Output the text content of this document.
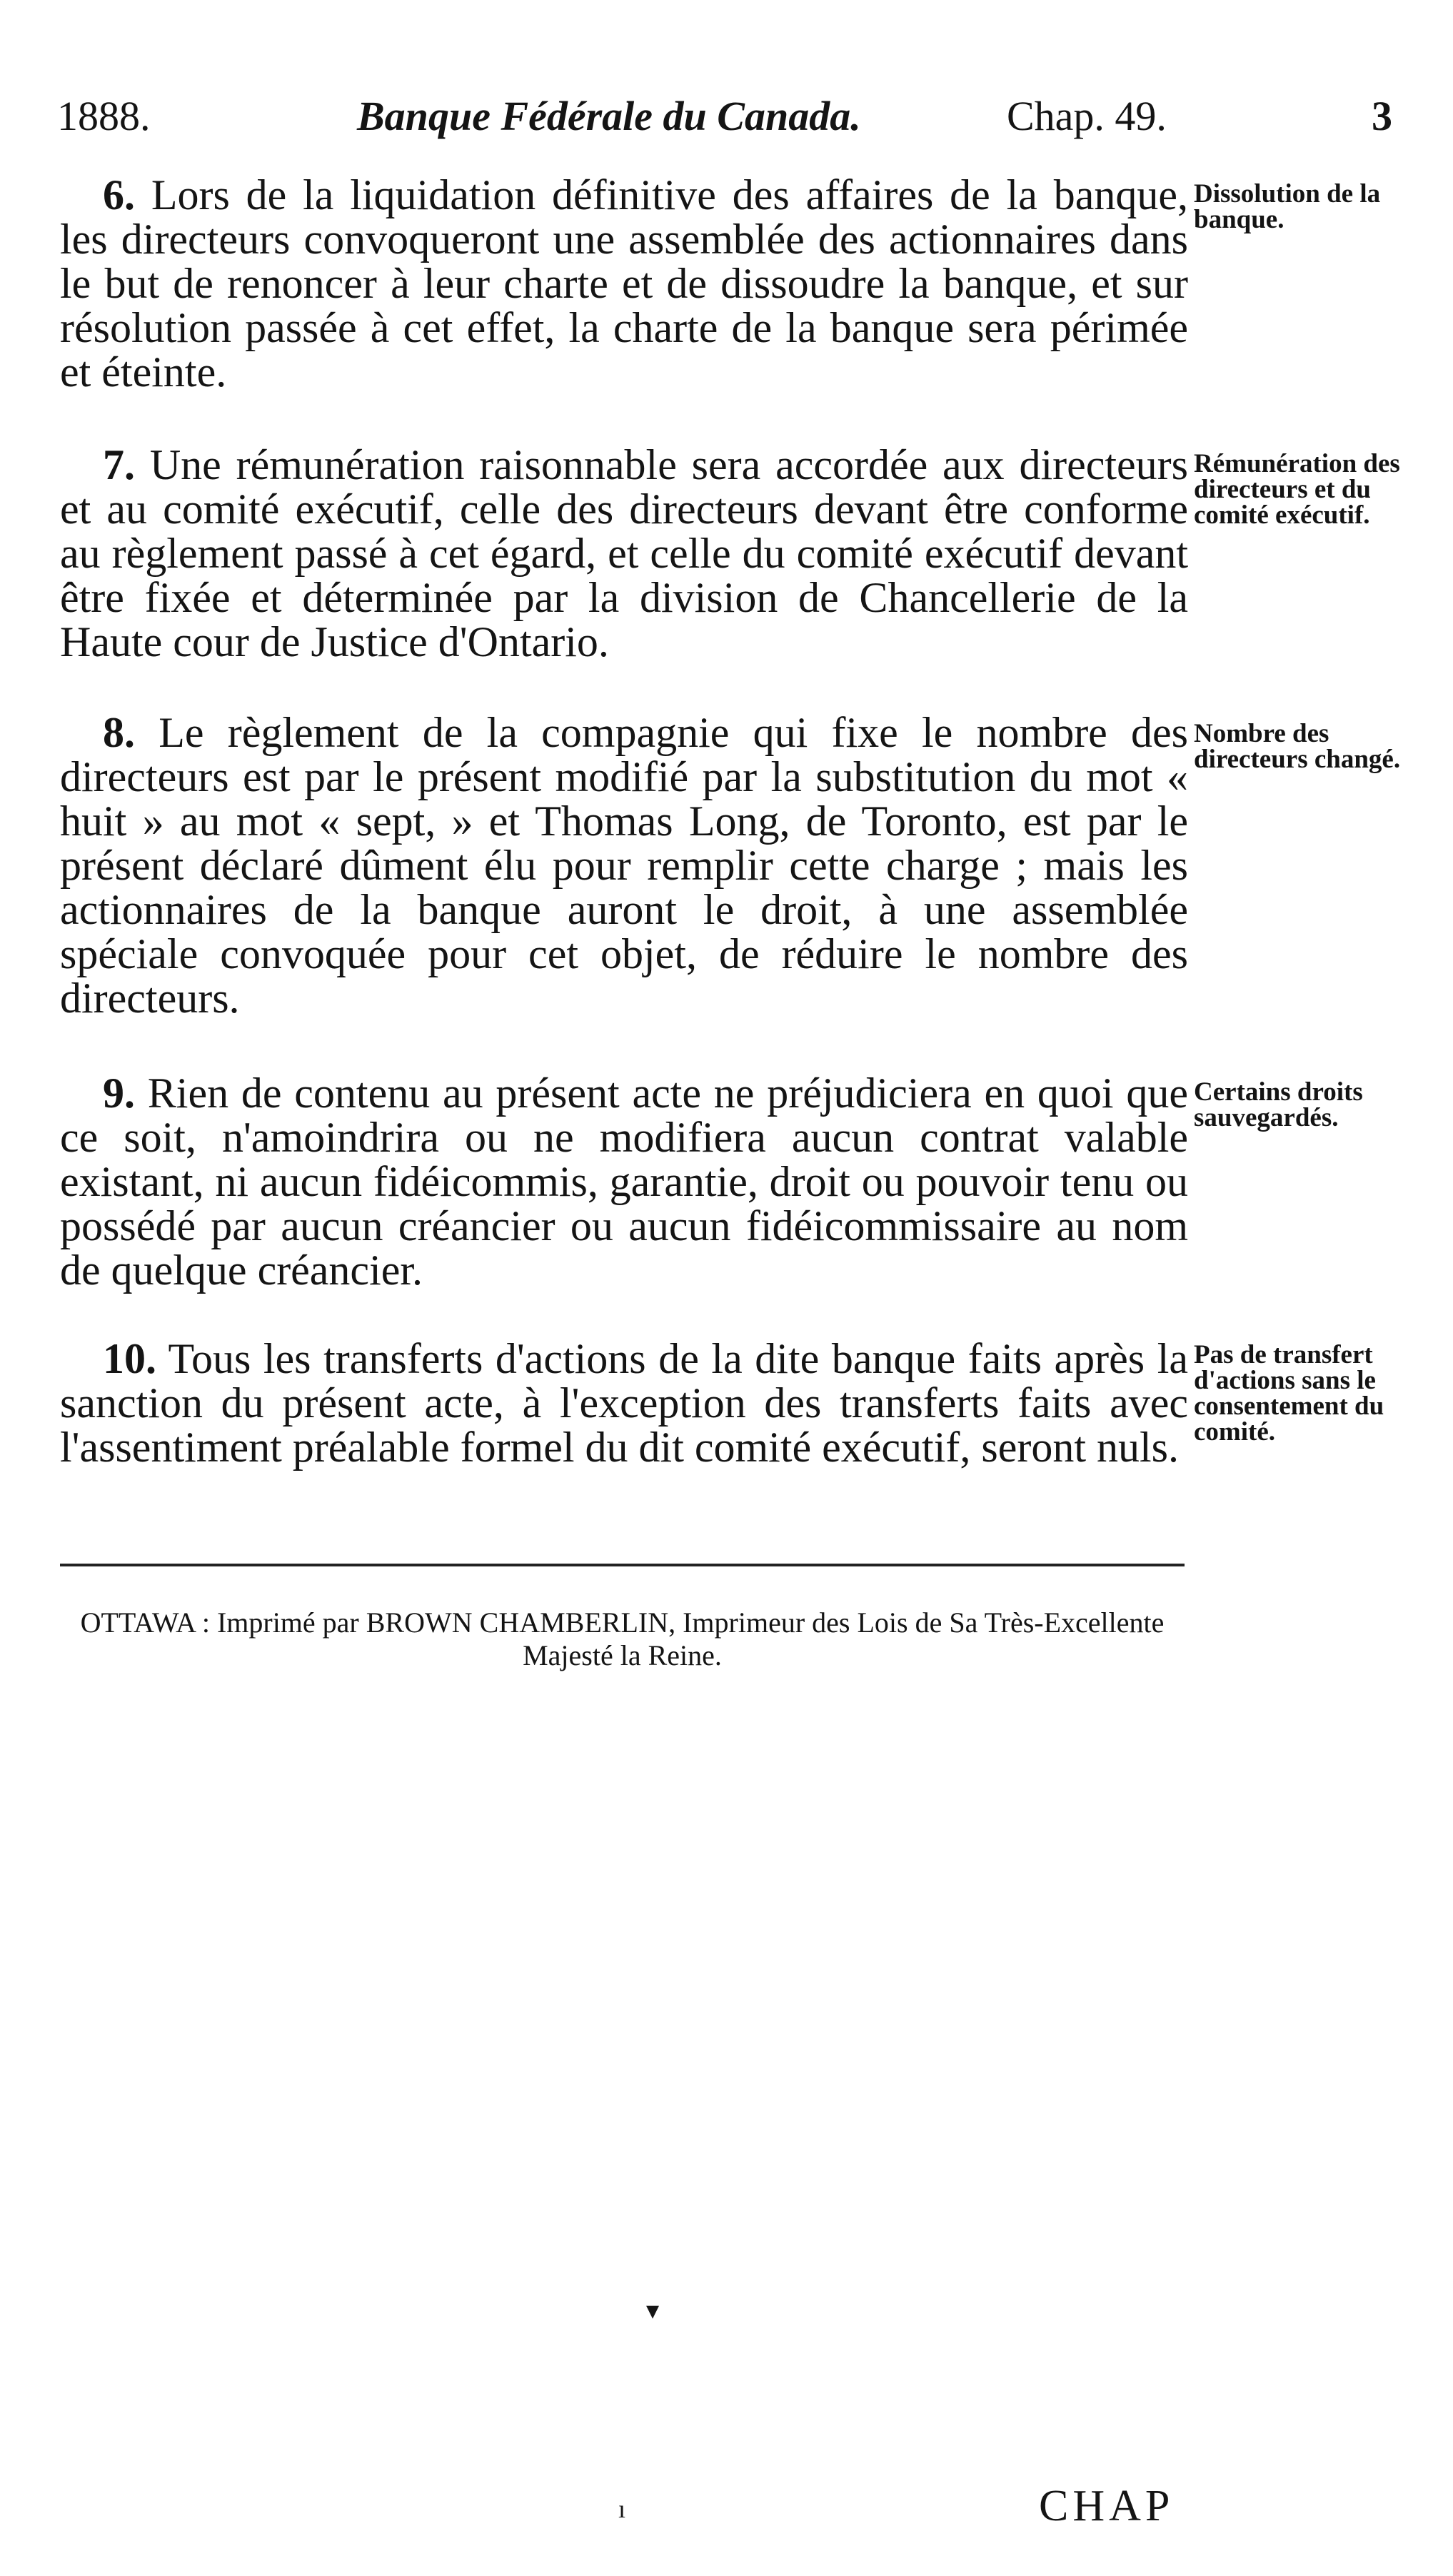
1888.	Banque Fédérale du Canada.	Chap. 49.	3
6. Lors de la liquidation définitive des affaires de la banque, les directeurs convoqueront une assemblée des actionnaires dans le but de renoncer à leur charte et de dissoudre la banque, et sur résolution passée à cet effet, la charte de la banque sera périmée et éteinte.
Dissolution de la banque.
7. Une rémunération raisonnable sera accordée aux directeurs et au comité exécutif, celle des directeurs devant être conforme au règlement passé à cet égard, et celle du comité exécutif devant être fixée et déterminée par la division de Chancellerie de la Haute cour de Justice d'Ontario.
Rémunération des directeurs et du comité exécutif.
8. Le règlement de la compagnie qui fixe le nombre des directeurs est par le présent modifié par la substitution du mot « huit » au mot « sept, » et Thomas Long, de Toronto, est par le présent déclaré dûment élu pour remplir cette charge ; mais les actionnaires de la banque auront le droit, à une assemblée spéciale convoquée pour cet objet, de réduire le nombre des directeurs.
Nombre des directeurs changé.
9. Rien de contenu au présent acte ne préjudiciera en quoi que ce soit, n'amoindrira ou ne modifiera aucun contrat valable existant, ni aucun fidéicommis, garantie, droit ou pouvoir tenu ou possédé par aucun créancier ou aucun fidéicommissaire au nom de quelque créancier.
Certains droits sauvegardés.
10. Tous les transferts d'actions de la dite banque faits après la sanction du présent acte, à l'exception des transferts faits avec l'assentiment préalable formel du dit comité exécutif, seront nuls.
Pas de transfert d'actions sans le consentement du comité.
OTTAWA : Imprimé par BROWN CHAMBERLIN, Imprimeur des Lois de Sa Très-Excellente Majesté la Reine.
▾
ı	CHAP
